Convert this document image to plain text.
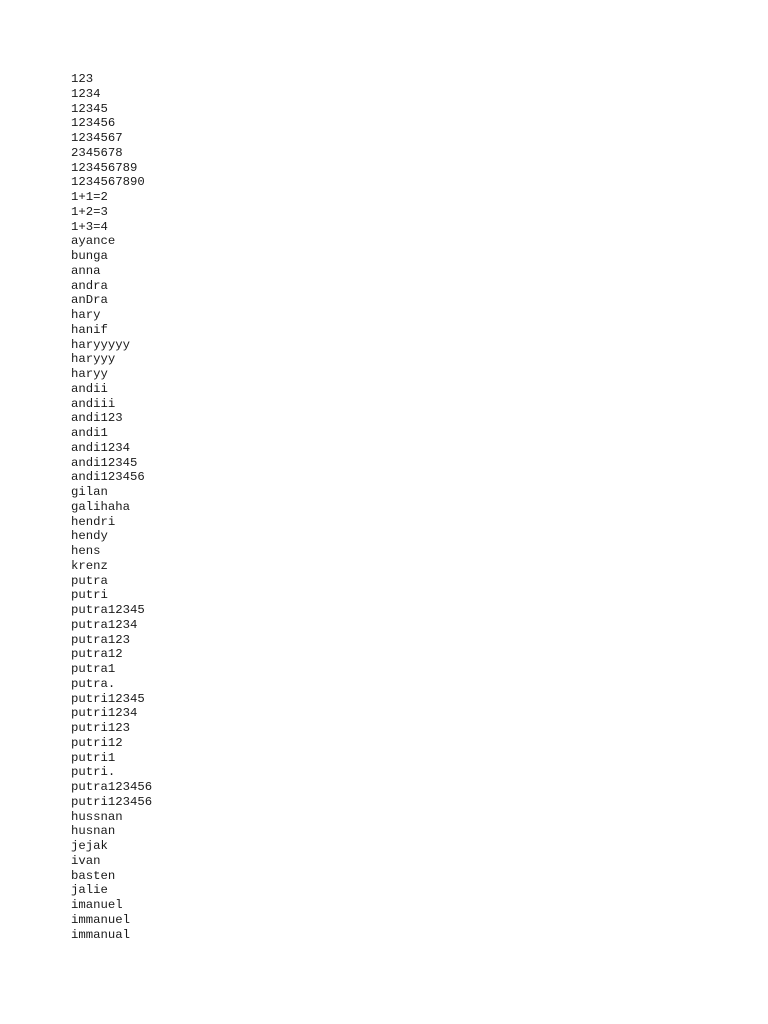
123
1234
12345
123456
1234567
2345678
123456789
1234567890
1+1=2
1+2=3
1+3=4
ayance
bunga
anna
andra
anDra
hary
hanif
haryyyyy
haryyy
haryy
andii
andiii
andi123
andi1
andi1234
andi12345
andi123456
gilan
galihaha
hendri
hendy
hens
krenz
putra
putri
putra12345
putra1234
putra123
putra12
putra1
putra.
putri12345
putri1234
putri123
putri12
putri1
putri.
putra123456
putri123456
hussnan
husnan
jejak
ivan
basten
jalie
imanuel
immanuel
immanual
